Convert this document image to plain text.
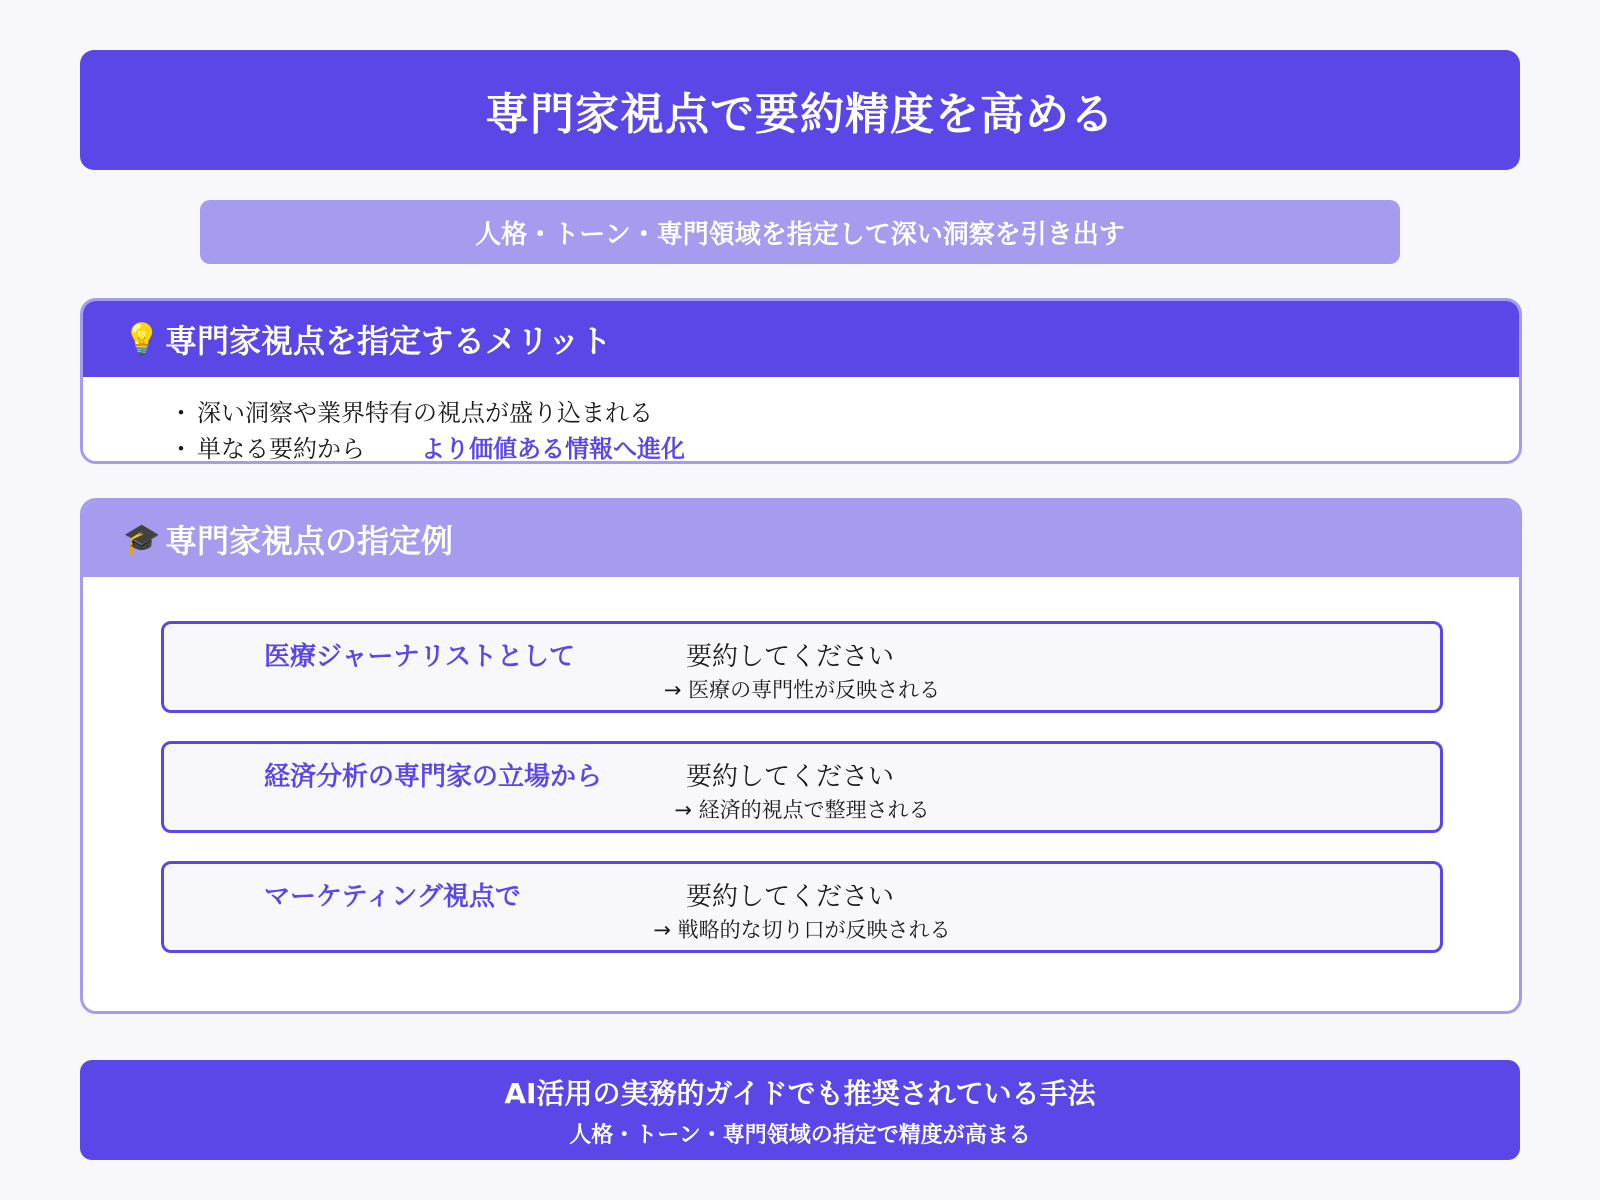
専門家視点で要約精度を高める
人格・トーン・専門領域を指定して深い洞察を引き出す
💡 専門家視点を指定するメリット
・ 深い洞察や業界特有の視点が盛り込まれる
・ 単なる要約から より価値ある情報へ進化
🎓 専門家視点の指定例
医療ジャーナリストとして	要約してください
→ 医療の専門性が反映される
経済分析の専門家の立場から	要約してください
→ 経済的視点で整理される
マーケティング視点で	要約してください
→ 戦略的な切り口が反映される
AI活用の実務的ガイドでも推奨されている手法
人格・トーン・専門領域の指定で精度が高まる
